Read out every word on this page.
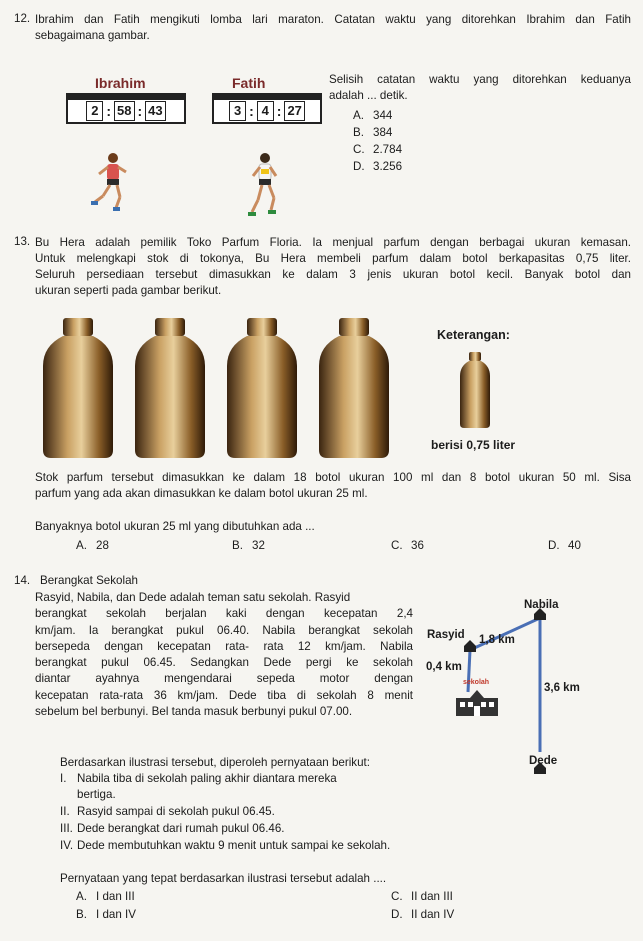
12. Ibrahim dan Fatih mengikuti lomba lari maraton. Catatan waktu yang ditorehkan Ibrahim dan Fatih
sebagaimana gambar.
Ibrahim
2 : 58 : 43
Fatih
3 : 4 : 27
Selisih catatan waktu yang ditorehkan keduanya
adalah ... detik.
A. 344
B. 384
C. 2.784
D. 3.256
13. Bu Hera adalah pemilik Toko Parfum Floria. Ia menjual parfum dengan berbagai ukuran kemasan.
Untuk melengkapi stok di tokonya, Bu Hera membeli parfum dalam botol berkapasitas 0,75 liter.
Seluruh persediaan tersebut dimasukkan ke dalam 3 jenis ukuran botol kecil. Banyak botol dan
ukuran seperti pada gambar berikut.
Keterangan:
berisi 0,75 liter
Stok parfum tersebut dimasukkan ke dalam 18 botol ukuran 100 ml dan 8 botol ukuran 50 ml. Sisa
parfum yang ada akan dimasukkan ke dalam botol ukuran 25 ml.
Banyaknya botol ukuran 25 ml yang dibutuhkan ada ...
A. 28	B. 32	C. 36	D. 40
14. Berangkat Sekolah
Rasyid, Nabila, dan Dede adalah teman satu sekolah. Rasyid
berangkat sekolah berjalan kaki dengan kecepatan 2,4
km/jam. Ia berangkat pukul 06.40. Nabila berangkat sekolah
bersepeda dengan kecepatan rata- rata 12 km/jam. Nabila
berangkat pukul 06.45. Sedangkan Dede pergi ke sekolah
diantar ayahnya mengendarai sepeda motor dengan
kecepatan rata-rata 36 km/jam. Dede tiba di sekolah 8 menit
sebelum bel berbunyi. Bel tanda masuk berbunyi pukul 07.00.
Nabila
Rasyid 1,8 km
0,4 km
sekolah	3,6 km
Dede
Berdasarkan ilustrasi tersebut, diperoleh pernyataan berikut:
I. Nabila tiba di sekolah paling akhir diantara mereka
bertiga.
II. Rasyid sampai di sekolah pukul 06.45.
III. Dede berangkat dari rumah pukul 06.46.
IV. Dede membutuhkan waktu 9 menit untuk sampai ke sekolah.
Pernyataan yang tepat berdasarkan ilustrasi tersebut adalah ....
A. I dan III	C. II dan III
B. I dan IV	D. II dan IV
